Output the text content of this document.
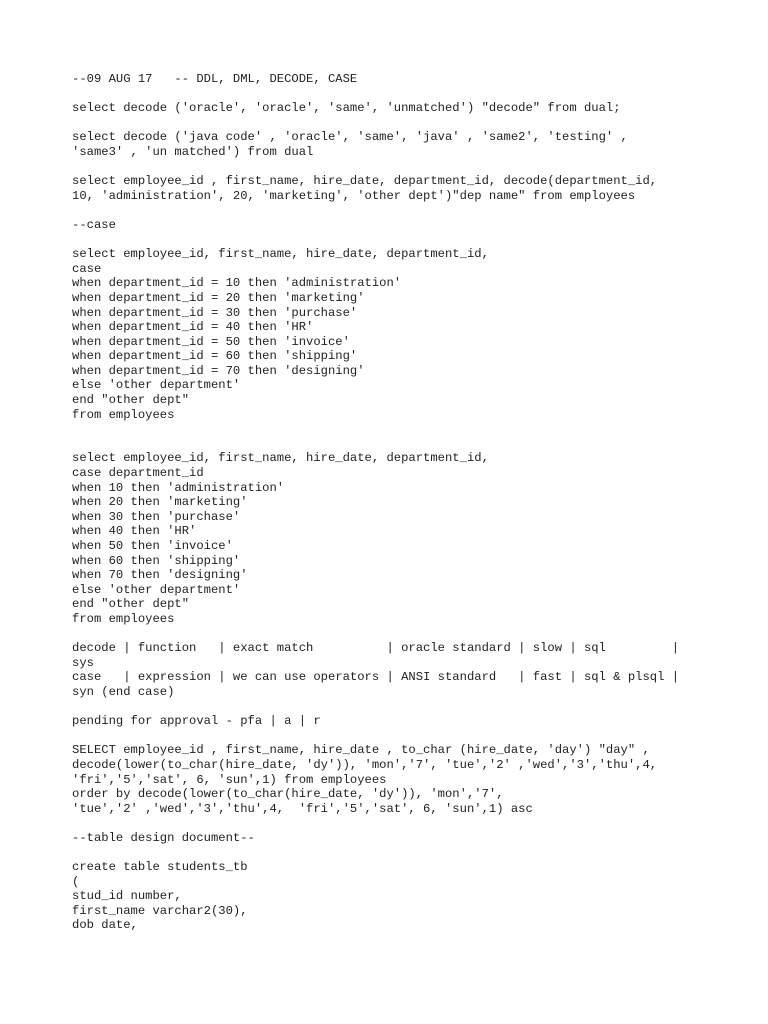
--09 AUG 17   -- DDL, DML, DECODE, CASE
select decode ('oracle', 'oracle', 'same', 'unmatched') "decode" from dual;
select decode ('java code' , 'oracle', 'same', 'java' , 'same2', 'testing' ,
'same3' , 'un matched') from dual
select employee_id , first_name, hire_date, department_id, decode(department_id,
10, 'administration', 20, 'marketing', 'other dept')"dep name" from employees
--case
select employee_id, first_name, hire_date, department_id,
case
when department_id = 10 then 'administration'
when department_id = 20 then 'marketing'
when department_id = 30 then 'purchase'
when department_id = 40 then 'HR'
when department_id = 50 then 'invoice'
when department_id = 60 then 'shipping'
when department_id = 70 then 'designing'
else 'other department'
end "other dept"
from employees
select employee_id, first_name, hire_date, department_id,
case department_id
when 10 then 'administration'
when 20 then 'marketing'
when 30 then 'purchase'
when 40 then 'HR'
when 50 then 'invoice'
when 60 then 'shipping'
when 70 then 'designing'
else 'other department'
end "other dept"
from employees
decode | function   | exact match          | oracle standard | slow | sql         |
sys
case   | expression | we can use operators | ANSI standard   | fast | sql & plsql |
syn (end case)
pending for approval - pfa | a | r
SELECT employee_id , first_name, hire_date , to_char (hire_date, 'day') "day" ,
decode(lower(to_char(hire_date, 'dy')), 'mon','7', 'tue','2' ,'wed','3','thu',4,
'fri','5','sat', 6, 'sun',1) from employees
order by decode(lower(to_char(hire_date, 'dy')), 'mon','7',
'tue','2' ,'wed','3','thu',4,  'fri','5','sat', 6, 'sun',1) asc
--table design document--
create table students_tb
(
stud_id number,
first_name varchar2(30),
dob date,
